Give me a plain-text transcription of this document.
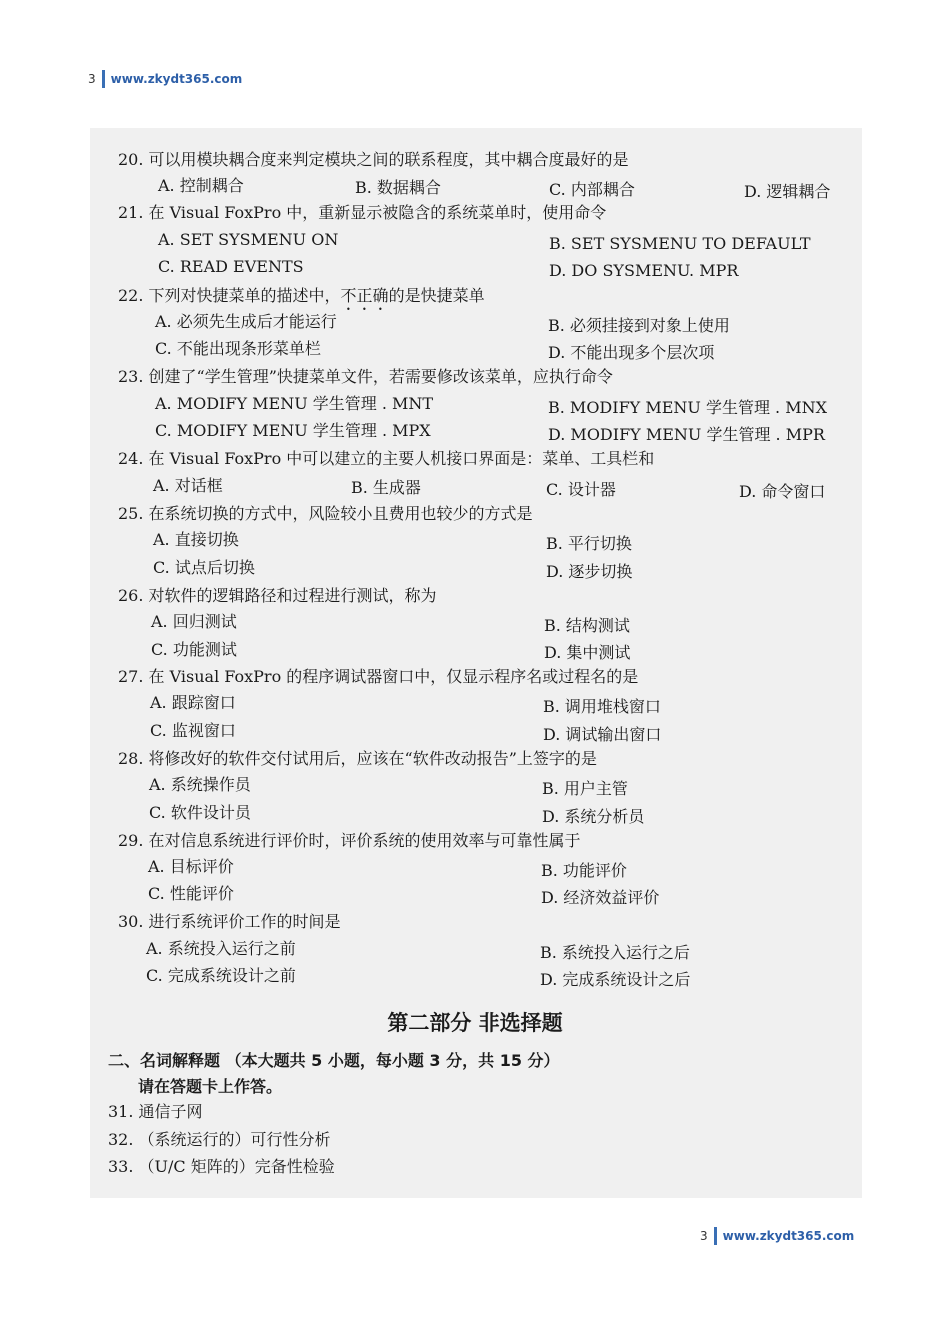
3 www.zkydt365.com
20. 可以用模块耦合度来判定模块之间的联系程度，其中耦合度最好的是
A. 控制耦合	B. 数据耦合	C. 内部耦合	D. 逻辑耦合
21. 在 Visual FoxPro 中，重新显示被隐含的系统菜单时，使用命令
A. SET SYSMENU ON	B. SET SYSMENU TO DEFAULT
C. READ EVENTS	D. DO SYSMENU. MPR
22. 下列对快捷菜单的描述中，不正确的是快捷菜单
A. 必须先生成后才能运行	B. 必须挂接到对象上使用
C. 不能出现条形菜单栏	D. 不能出现多个层次项
23. 创建了“学生管理”快捷菜单文件，若需要修改该菜单，应执行命令
A. MODIFY MENU 学生管理 . MNT	B. MODIFY MENU 学生管理 . MNX
C. MODIFY MENU 学生管理 . MPX	D. MODIFY MENU 学生管理 . MPR
24. 在 Visual FoxPro 中可以建立的主要人机接口界面是：菜单、工具栏和
A. 对话框	B. 生成器	C. 设计器	D. 命令窗口
25. 在系统切换的方式中，风险较小且费用也较少的方式是
A. 直接切换	B. 平行切换
C. 试点后切换	D. 逐步切换
26. 对软件的逻辑路径和过程进行测试，称为
A. 回归测试	B. 结构测试
C. 功能测试	D. 集中测试
27. 在 Visual FoxPro 的程序调试器窗口中，仅显示程序名或过程名的是
A. 跟踪窗口	B. 调用堆栈窗口
C. 监视窗口	D. 调试输出窗口
28. 将修改好的软件交付试用后，应该在“软件改动报告”上签字的是
A. 系统操作员	B. 用户主管
C. 软件设计员	D. 系统分析员
29. 在对信息系统进行评价时，评价系统的使用效率与可靠性属于
A. 目标评价	B. 功能评价
C. 性能评价	D. 经济效益评价
30. 进行系统评价工作的时间是
A. 系统投入运行之前	B. 系统投入运行之后
C. 完成系统设计之前	D. 完成系统设计之后
第二部分 非选择题
二、名词解释题 （本大题共 5 小题，每小题 3 分，共 15 分）
请在答题卡上作答。
31. 通信子网
32. （系统运行的）可行性分析
33. （U/C 矩阵的）完备性检验
3 www.zkydt365.com
